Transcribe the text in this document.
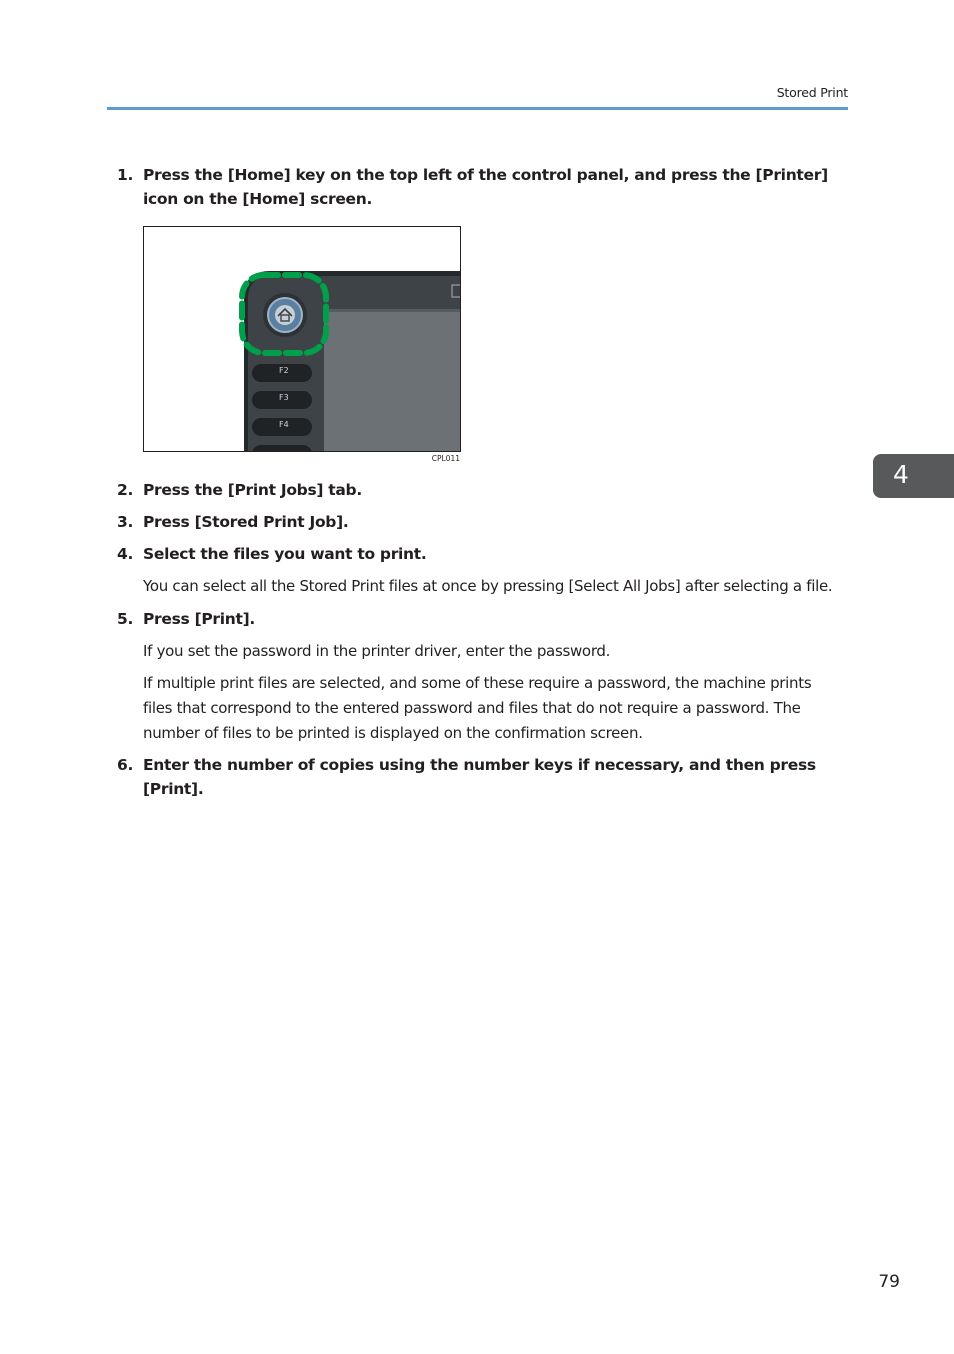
Stored Print
1. Press the [Home] key on the top left of the control panel, and press the [Printer] icon on the [Home] screen.
F2
F3
F4
CPL011
2. Press the [Print Jobs] tab.
3. Press [Stored Print Job].
4. Select the files you want to print.
You can select all the Stored Print files at once by pressing [Select All Jobs] after selecting a file.
5. Press [Print].
If you set the password in the printer driver, enter the password.
If multiple print files are selected, and some of these require a password, the machine prints files that correspond to the entered password and files that do not require a password. The number of files to be printed is displayed on the confirmation screen.
6. Enter the number of copies using the number keys if necessary, and then press [Print].
4
79
